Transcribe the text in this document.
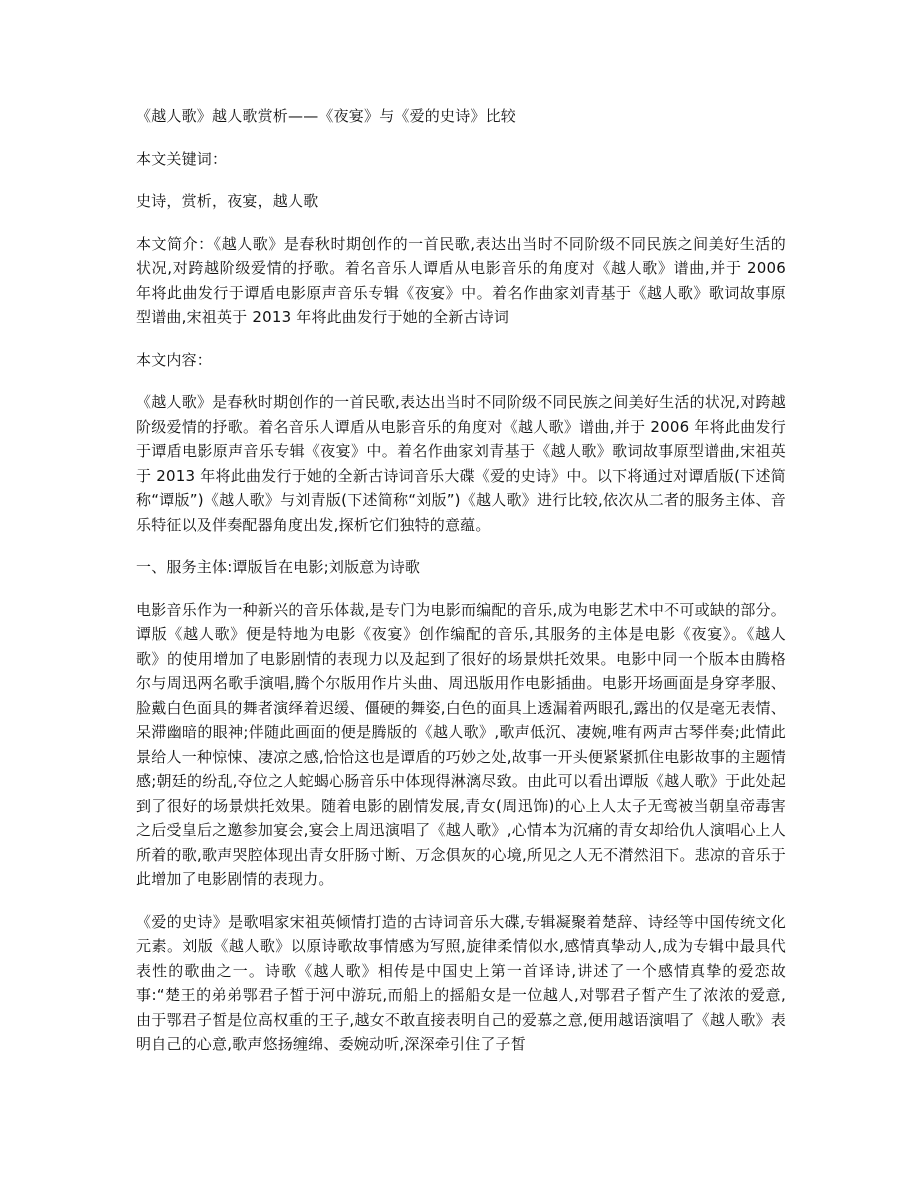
《越人歌》越人歌赏析——《夜宴》与《爱的史诗》比较

本文关键词：

史诗，赏析，夜宴，越人歌

本文简介：《越人歌》是春秋时期创作的一首民歌,表达出当时不同阶级不同民族之间美好生活的状况,对跨越阶级爱情的抒歌。着名音乐人谭盾从电影音乐的角度对《越人歌》谱曲,并于 2006 年将此曲发行于谭盾电影原声音乐专辑《夜宴》中。着名作曲家刘青基于《越人歌》歌词故事原型谱曲,宋祖英于 2013 年将此曲发行于她的全新古诗词

本文内容：

《越人歌》是春秋时期创作的一首民歌,表达出当时不同阶级不同民族之间美好生活的状况,对跨越阶级爱情的抒歌。着名音乐人谭盾从电影音乐的角度对《越人歌》谱曲,并于 2006 年将此曲发行于谭盾电影原声音乐专辑《夜宴》中。着名作曲家刘青基于《越人歌》歌词故事原型谱曲,宋祖英于 2013 年将此曲发行于她的全新古诗词音乐大碟《爱的史诗》中。以下将通过对谭盾版(下述简称“谭版”)《越人歌》与刘青版(下述简称“刘版”)《越人歌》进行比较,依次从二者的服务主体、音乐特征以及伴奏配器角度出发,探析它们独特的意蕴。

一、服务主体:谭版旨在电影;刘版意为诗歌

电影音乐作为一种新兴的音乐体裁,是专门为电影而编配的音乐,成为电影艺术中不可或缺的部分。谭版《越人歌》便是特地为电影《夜宴》创作编配的音乐,其服务的主体是电影《夜宴》。《越人歌》的使用增加了电影剧情的表现力以及起到了很好的场景烘托效果。电影中同一个版本由腾格尔与周迅两名歌手演唱,腾个尔版用作片头曲、周迅版用作电影插曲。电影开场画面是身穿孝服、脸戴白色面具的舞者演绎着迟缓、僵硬的舞姿,白色的面具上透漏着两眼孔,露出的仅是毫无表情、呆滞幽暗的眼神;伴随此画面的便是腾版的《越人歌》,歌声低沉、凄婉,唯有两声古琴伴奏;此情此景给人一种惊悚、凄凉之感,恰恰这也是谭盾的巧妙之处,故事一开头便紧紧抓住电影故事的主题情感;朝廷的纷乱,夺位之人蛇蝎心肠音乐中体现得淋漓尽致。由此可以看出谭版《越人歌》于此处起到了很好的场景烘托效果。随着电影的剧情发展,青女(周迅饰)的心上人太子无鸾被当朝皇帝毒害之后受皇后之邀参加宴会,宴会上周迅演唱了《越人歌》,心情本为沉痛的青女却给仇人演唱心上人所着的歌,歌声哭腔体现出青女肝肠寸断、万念俱灰的心境,所见之人无不潸然泪下。悲凉的音乐于此增加了电影剧情的表现力。

《爱的史诗》是歌唱家宋祖英倾情打造的古诗词音乐大碟,专辑凝聚着楚辞、诗经等中国传统文化元素。刘版《越人歌》以原诗歌故事情感为写照,旋律柔情似水,感情真挚动人,成为专辑中最具代表性的歌曲之一。诗歌《越人歌》相传是中国史上第一首译诗,讲述了一个感情真挚的爱恋故事:“楚王的弟弟鄂君子皙于河中游玩,而船上的摇船女是一位越人,对鄂君子皙产生了浓浓的爱意,由于鄂君子皙是位高权重的王子,越女不敢直接表明自己的爱慕之意,便用越语演唱了《越人歌》表明自己的心意,歌声悠扬缠绵、委婉动听,深深牵引住了子皙
